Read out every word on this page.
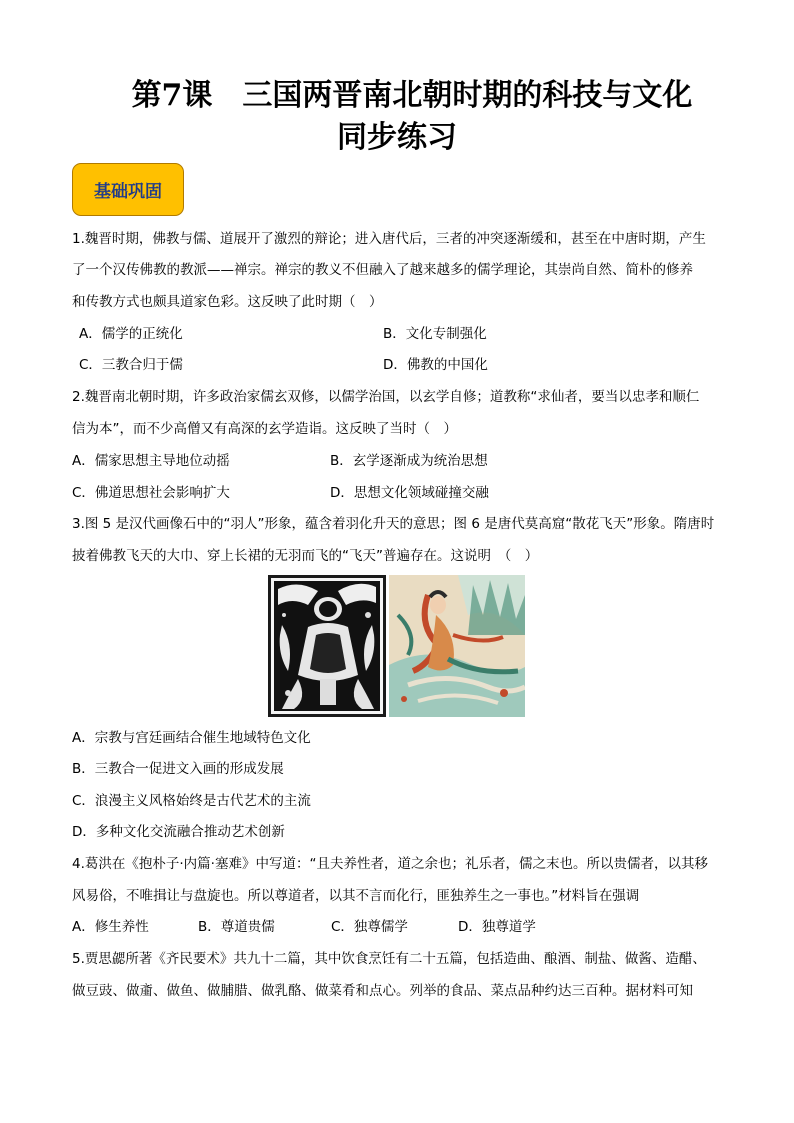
第7课　三国两晋南北朝时期的科技与文化
同步练习
基础巩固
1.魏晋时期，佛教与儒、道展开了激烈的辩论；进入唐代后，三者的冲突逐渐缓和，甚至在中唐时期，产生
了一个汉传佛教的教派——禅宗。禅宗的教义不但融入了越来越多的儒学理论，其崇尚自然、简朴的修养
和传教方式也颇具道家色彩。这反映了此时期（　）
A．儒学的正统化	B．文化专制强化
C．三教合归于儒	D．佛教的中国化
2.魏晋南北朝时期，许多政治家儒玄双修，以儒学治国，以玄学自修；道教称“求仙者，要当以忠孝和顺仁
信为本”，而不少高僧又有高深的玄学造诣。这反映了当时（　）
A．儒家思想主导地位动摇	B．玄学逐渐成为统治思想
C．佛道思想社会影响扩大	D．思想文化领域碰撞交融
3.图 5 是汉代画像石中的“羽人”形象，蕴含着羽化升天的意思；图 6 是唐代莫高窟“散花飞天”形象。隋唐时
披着佛教飞天的大巾、穿上长裙的无羽而飞的“飞天”普遍存在。这说明　（　）
A．宗教与宫廷画结合催生地域特色文化
B．三教合一促进文入画的形成发展
C．浪漫主义风格始终是古代艺术的主流
D．多种文化交流融合推动艺术创新
4.葛洪在《抱朴子·内篇·塞难》中写道：“且夫养性者，道之余也；礼乐者，儒之末也。所以贵儒者，以其移
风易俗，不唯揖让与盘旋也。所以尊道者，以其不言而化行，匪独养生之一事也。”材料旨在强调
A．修生养性	B．尊道贵儒	C．独尊儒学	D．独尊道学
5.贾思勰所著《齐民要术》共九十二篇，其中饮食烹饪有二十五篇，包括造曲、酿酒、制盐、做酱、造醋、
做豆豉、做齑、做鱼、做脯腊、做乳酪、做菜肴和点心。列举的食品、菜点品种约达三百种。据材料可知
